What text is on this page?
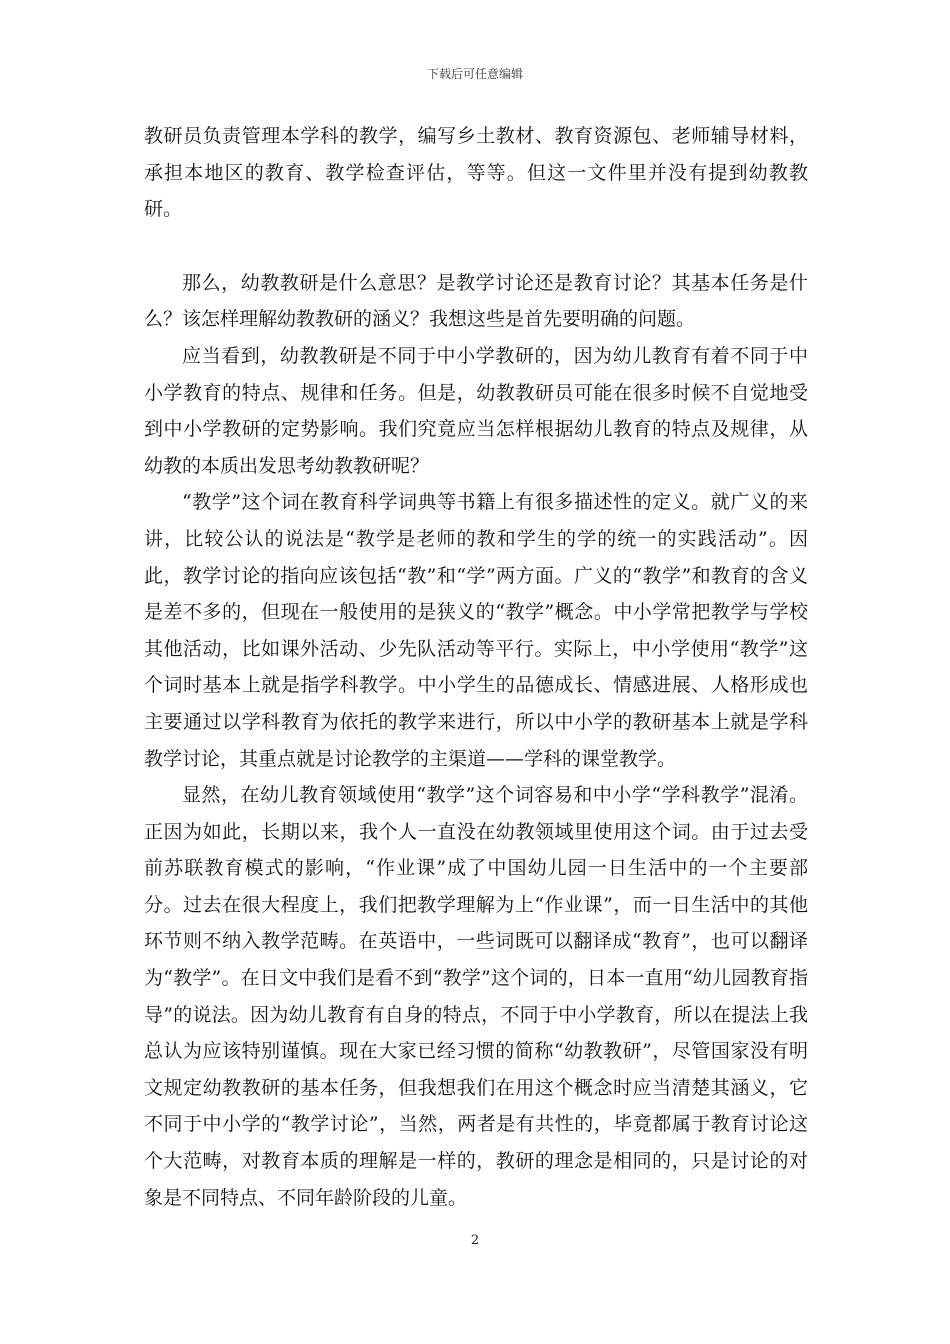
下载后可任意编辑

教研员负责管理本学科的教学，编写乡土教材、教育资源包、老师辅导材料，承担本地区的教育、教学检查评估，等等。但这一文件里并没有提到幼教教研。

那么，幼教教研是什么意思？是教学讨论还是教育讨论？其基本任务是什么？该怎样理解幼教教研的涵义？我想这些是首先要明确的问题。

应当看到，幼教教研是不同于中小学教研的，因为幼儿教育有着不同于中小学教育的特点、规律和任务。但是，幼教教研员可能在很多时候不自觉地受到中小学教研的定势影响。我们究竟应当怎样根据幼儿教育的特点及规律，从幼教的本质出发思考幼教教研呢？

“教学”这个词在教育科学词典等书籍上有很多描述性的定义。就广义的来讲，比较公认的说法是“教学是老师的教和学生的学的统一的实践活动”。因此，教学讨论的指向应该包括“教”和“学”两方面。广义的“教学”和教育的含义是差不多的，但现在一般使用的是狭义的“教学”概念。中小学常把教学与学校其他活动，比如课外活动、少先队活动等平行。实际上，中小学使用“教学”这个词时基本上就是指学科教学。中小学生的品德成长、情感进展、人格形成也主要通过以学科教育为依托的教学来进行，所以中小学的教研基本上就是学科教学讨论，其重点就是讨论教学的主渠道——学科的课堂教学。

显然，在幼儿教育领域使用“教学”这个词容易和中小学“学科教学”混淆。正因为如此，长期以来，我个人一直没在幼教领域里使用这个词。由于过去受前苏联教育模式的影响，“作业课”成了中国幼儿园一日生活中的一个主要部分。过去在很大程度上，我们把教学理解为上“作业课”，而一日生活中的其他环节则不纳入教学范畴。在英语中，一些词既可以翻译成“教育”，也可以翻译为“教学”。在日文中我们是看不到“教学”这个词的，日本一直用“幼儿园教育指导”的说法。因为幼儿教育有自身的特点，不同于中小学教育，所以在提法上我总认为应该特别谨慎。现在大家已经习惯的简称“幼教教研”，尽管国家没有明文规定幼教教研的基本任务，但我想我们在用这个概念时应当清楚其涵义，它不同于中小学的“教学讨论”，当然，两者是有共性的，毕竟都属于教育讨论这个大范畴，对教育本质的理解是一样的，教研的理念是相同的，只是讨论的对象是不同特点、不同年龄阶段的儿童。

2
